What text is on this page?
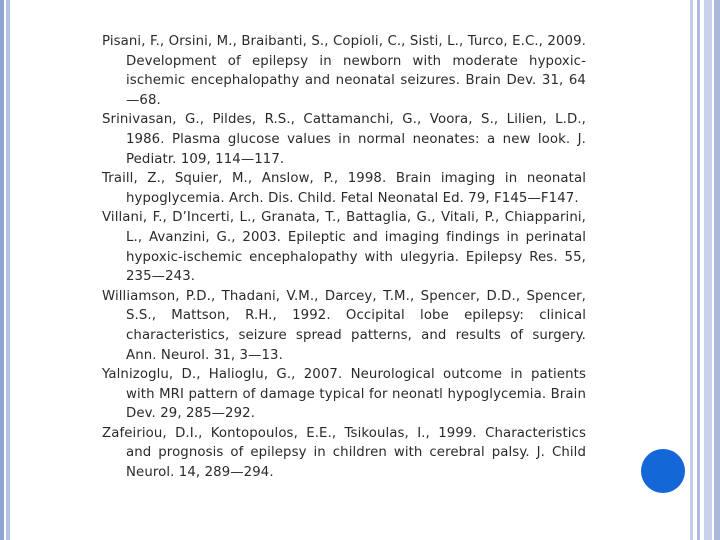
Pisani, F., Orsini, M., Braibanti, S., Copioli, C., Sisti, L., Turco, E.C., 2009. Development of epilepsy in newborn with moderate hypoxic-ischemic encephalopathy and neonatal seizures. Brain Dev. 31, 64—68.
Srinivasan, G., Pildes, R.S., Cattamanchi, G., Voora, S., Lilien, L.D., 1986. Plasma glucose values in normal neonates: a new look. J. Pediatr. 109, 114—117.
Traill, Z., Squier, M., Anslow, P., 1998. Brain imaging in neonatal hypoglycemia. Arch. Dis. Child. Fetal Neonatal Ed. 79, F145—F147.
Villani, F., D’Incerti, L., Granata, T., Battaglia, G., Vitali, P., Chiapparini, L., Avanzini, G., 2003. Epileptic and imaging findings in perinatal hypoxic-ischemic encephalopathy with ulegyria. Epilepsy Res. 55, 235—243.
Williamson, P.D., Thadani, V.M., Darcey, T.M., Spencer, D.D., Spencer, S.S., Mattson, R.H., 1992. Occipital lobe epilepsy: clinical characteristics, seizure spread patterns, and results of surgery. Ann. Neurol. 31, 3—13.
Yalnizoglu, D., Halioglu, G., 2007. Neurological outcome in patients with MRI pattern of damage typical for neonatl hypoglycemia. Brain Dev. 29, 285—292.
Zafeiriou, D.I., Kontopoulos, E.E., Tsikoulas, I., 1999. Characteristics and prognosis of epilepsy in children with cerebral palsy. J. Child Neurol. 14, 289—294.
